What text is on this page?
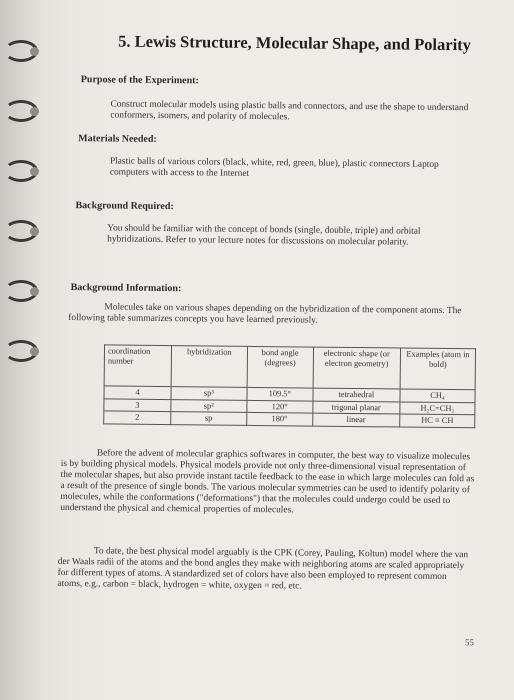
5. Lewis Structure, Molecular Shape, and Polarity
Purpose of the Experiment:
Construct molecular models using plastic balls and connectors, and use the shape to understand conformers, isomers, and polarity of molecules.
Materials Needed:
Plastic balls of various colors (black, white, red, green, blue), plastic connectors Laptop computers with access to the Internet
Background Required:
You should be familiar with the concept of bonds (single, double, triple) and orbital hybridizations. Refer to your lecture notes for discussions on molecular polarity.
Background Information:
Molecules take on various shapes depending on the hybridization of the component atoms. The following table summarizes concepts you have learned previously.
coordination number	hybridization	bond angle (degrees)	electronic shape (or electron geometry)	Examples (atom in bold)
4	sp³	109.5°	tetrahedral	CH₄
3	sp²	120°	trigonal planar	H₂C=CH₂
2	sp	180°	linear	HC ≡ CH
Before the advent of molecular graphics softwares in computer, the best way to visualize molecules is by building physical models. Physical models provide not only three-dimensional visual representation of the molecular shapes, but also provide instant tactile feedback to the ease in which large molecules can fold as a result of the presence of single bonds. The various molecular symmetries can be used to identify polarity of molecules, while the conformations ("deformations") that the molecules could undergo could be used to understand the physical and chemical properties of molecules.
To date, the best physical model arguably is the CPK (Corey, Pauling, Koltun) model where the van der Waals radii of the atoms and the bond angles they make with neighboring atoms are scaled appropriately for different types of atoms. A standardized set of colors have also been employed to represent common atoms, e.g., carbon = black, hydrogen = white, oxygen = red, etc.
55
